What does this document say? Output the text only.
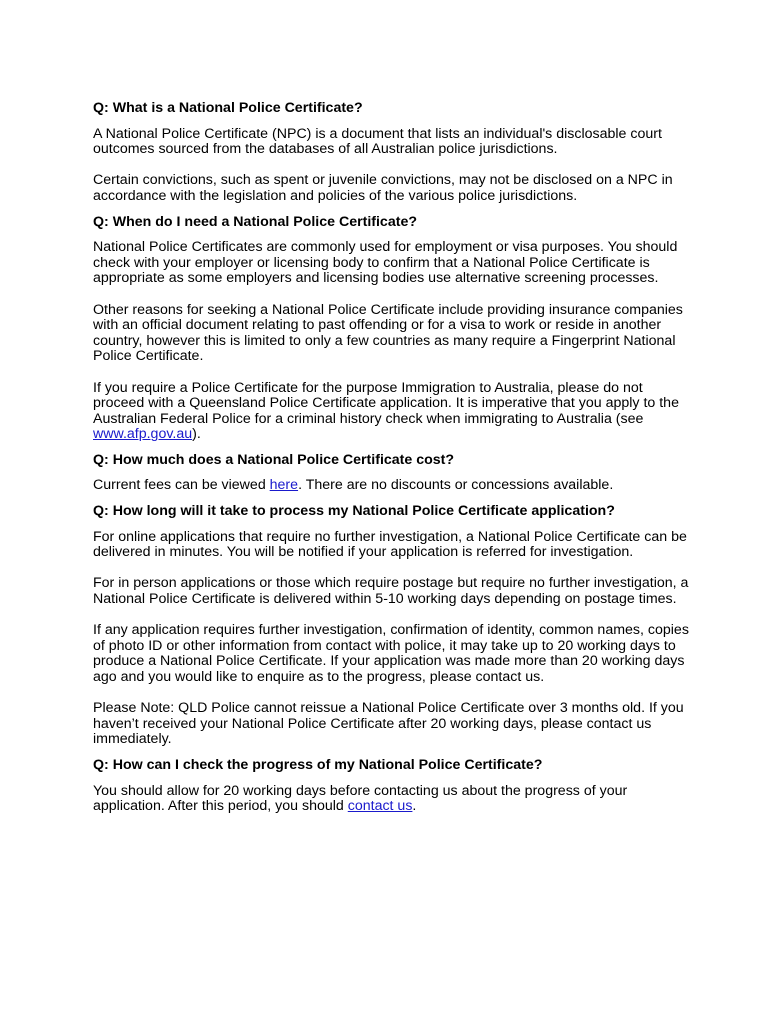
Q: What is a National Police Certificate?

A National Police Certificate (NPC) is a document that lists an individual's disclosable court outcomes sourced from the databases of all Australian police jurisdictions.

Certain convictions, such as spent or juvenile convictions, may not be disclosed on a NPC in accordance with the legislation and policies of the various police jurisdictions.

Q: When do I need a National Police Certificate?

National Police Certificates are commonly used for employment or visa purposes. You should check with your employer or licensing body to confirm that a National Police Certificate is appropriate as some employers and licensing bodies use alternative screening processes.

Other reasons for seeking a National Police Certificate include providing insurance companies with an official document relating to past offending or for a visa to work or reside in another country, however this is limited to only a few countries as many require a Fingerprint National Police Certificate.

If you require a Police Certificate for the purpose Immigration to Australia, please do not proceed with a Queensland Police Certificate application. It is imperative that you apply to the Australian Federal Police for a criminal history check when immigrating to Australia (see www.afp.gov.au).

Q: How much does a National Police Certificate cost?

Current fees can be viewed here. There are no discounts or concessions available.

Q: How long will it take to process my National Police Certificate application?

For online applications that require no further investigation, a National Police Certificate can be delivered in minutes. You will be notified if your application is referred for investigation.

For in person applications or those which require postage but require no further investigation, a National Police Certificate is delivered within 5-10 working days depending on postage times.

If any application requires further investigation, confirmation of identity, common names, copies of photo ID or other information from contact with police, it may take up to 20 working days to produce a National Police Certificate. If your application was made more than 20 working days ago and you would like to enquire as to the progress, please contact us.

Please Note: QLD Police cannot reissue a National Police Certificate over 3 months old. If you haven’t received your National Police Certificate after 20 working days, please contact us immediately.

Q: How can I check the progress of my National Police Certificate?

You should allow for 20 working days before contacting us about the progress of your application. After this period, you should contact us.
